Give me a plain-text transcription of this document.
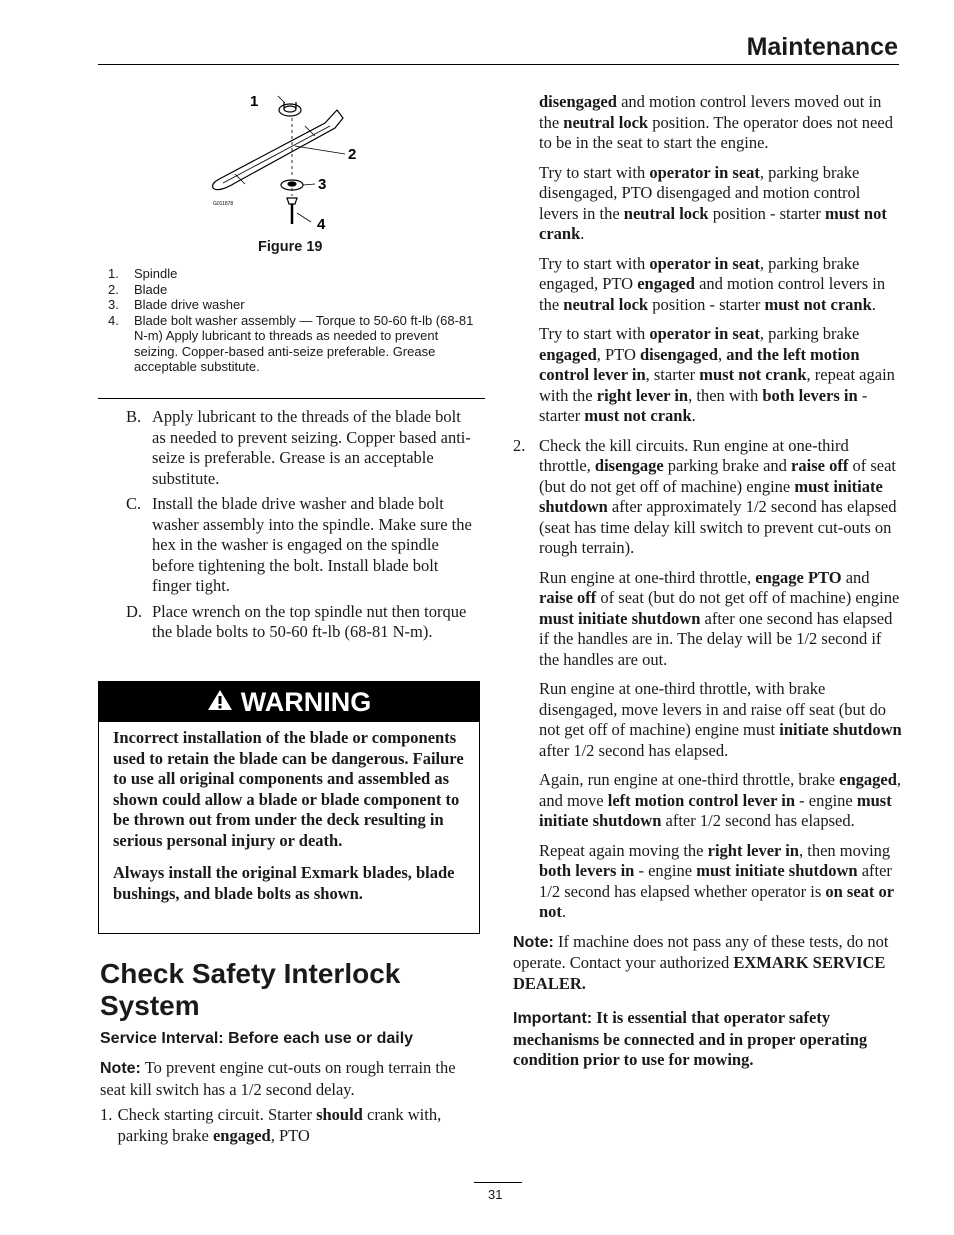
Maintenance
1
2
3
4
G011878
Figure 19
1.	Spindle
2.	Blade
3.	Blade drive washer
4.	Blade bolt washer assembly — Torque to 50-60 ft-lb (68-81 N-m) Apply lubricant to threads as needed to prevent seizing. Copper-based anti-seize preferable. Grease acceptable substitute.
B. Apply lubricant to the threads of the blade bolt as needed to prevent seizing. Copper based anti-seize is preferable. Grease is an acceptable substitute.
C. Install the blade drive washer and blade bolt washer assembly into the spindle. Make sure the hex in the washer is engaged on the spindle before tightening the bolt. Install blade bolt finger tight.
D. Place wrench on the top spindle nut then torque the blade bolts to 50-60 ft-lb (68-81 N-m).
WARNING

Incorrect installation of the blade or components used to retain the blade can be dangerous. Failure to use all original components and assembled as shown could allow a blade or blade component to be thrown out from under the deck resulting in serious personal injury or death.

Always install the original Exmark blades, blade bushings, and blade bolts as shown.

Check Safety Interlock System
Service Interval: Before each use or daily
Note: To prevent engine cut-outs on rough terrain the seat kill switch has a 1/2 second delay.
1. Check starting circuit. Starter should crank with, parking brake engaged, PTO

disengaged and motion control levers moved out in the neutral lock position. The operator does not need to be in the seat to start the engine.

Try to start with operator in seat, parking brake disengaged, PTO disengaged and motion control levers in the neutral lock position - starter must not crank.

Try to start with operator in seat, parking brake engaged, PTO engaged and motion control levers in the neutral lock position - starter must not crank.

Try to start with operator in seat, parking brake engaged, PTO disengaged, and the left motion control lever in, starter must not crank, repeat again with the right lever in, then with both levers in - starter must not crank.

2. Check the kill circuits. Run engine at one-third throttle, disengage parking brake and raise off of seat (but do not get off of machine) engine must initiate shutdown after approximately 1/2 second has elapsed (seat has time delay kill switch to prevent cut-outs on rough terrain).

Run engine at one-third throttle, engage PTO and raise off of seat (but do not get off of machine) engine must initiate shutdown after one second has elapsed if the handles are in. The delay will be 1/2 second if the handles are out.

Run engine at one-third throttle, with brake disengaged, move levers in and raise off seat (but do not get off of machine) engine must initiate shutdown after 1/2 second has elapsed.

Again, run engine at one-third throttle, brake engaged, and move left motion control lever in - engine must initiate shutdown after 1/2 second has elapsed.

Repeat again moving the right lever in, then moving both levers in - engine must initiate shutdown after 1/2 second has elapsed whether operator is on seat or not.

Note: If machine does not pass any of these tests, do not operate. Contact your authorized EXMARK SERVICE DEALER.

Important: It is essential that operator safety mechanisms be connected and in proper operating condition prior to use for mowing.

31
